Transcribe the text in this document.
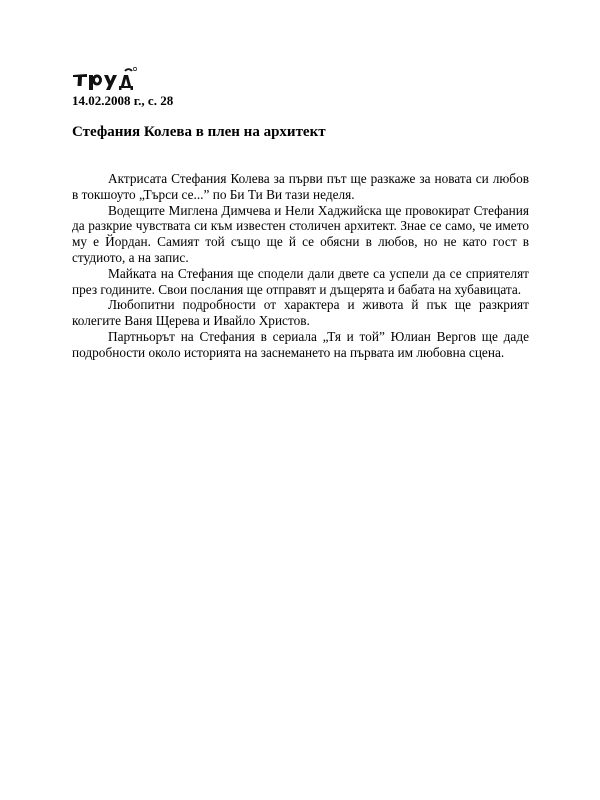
14.02.2008 г., с. 28
Стефания Колева в плен на архитект

Актрисата Стефания Колева за първи път ще разкаже за новата си любов в токшоуто „Търси се...” по Би Ти Ви тази неделя.

Водещите Миглена Димчева и Нели Хаджийска ще провокират Стефания да разкрие чувствата си към известен столичен архитект. Знае се само, че името му е Йордан. Самият той също ще й се обясни в любов, но не като гост в студиото, а на запис.

Майката на Стефания ще сподели дали двете са успели да се сприятелят през годините. Свои послания ще отправят и дъщерята и бабата на хубавицата.

Любопитни подробности от характера и живота й пък ще разкрият колегите Ваня Щерева и Ивайло Христов.

Партньорът на Стефания в сериала „Тя и той” Юлиан Вергов ще даде подробности около историята на заснемането на първата им любовна сцена.
